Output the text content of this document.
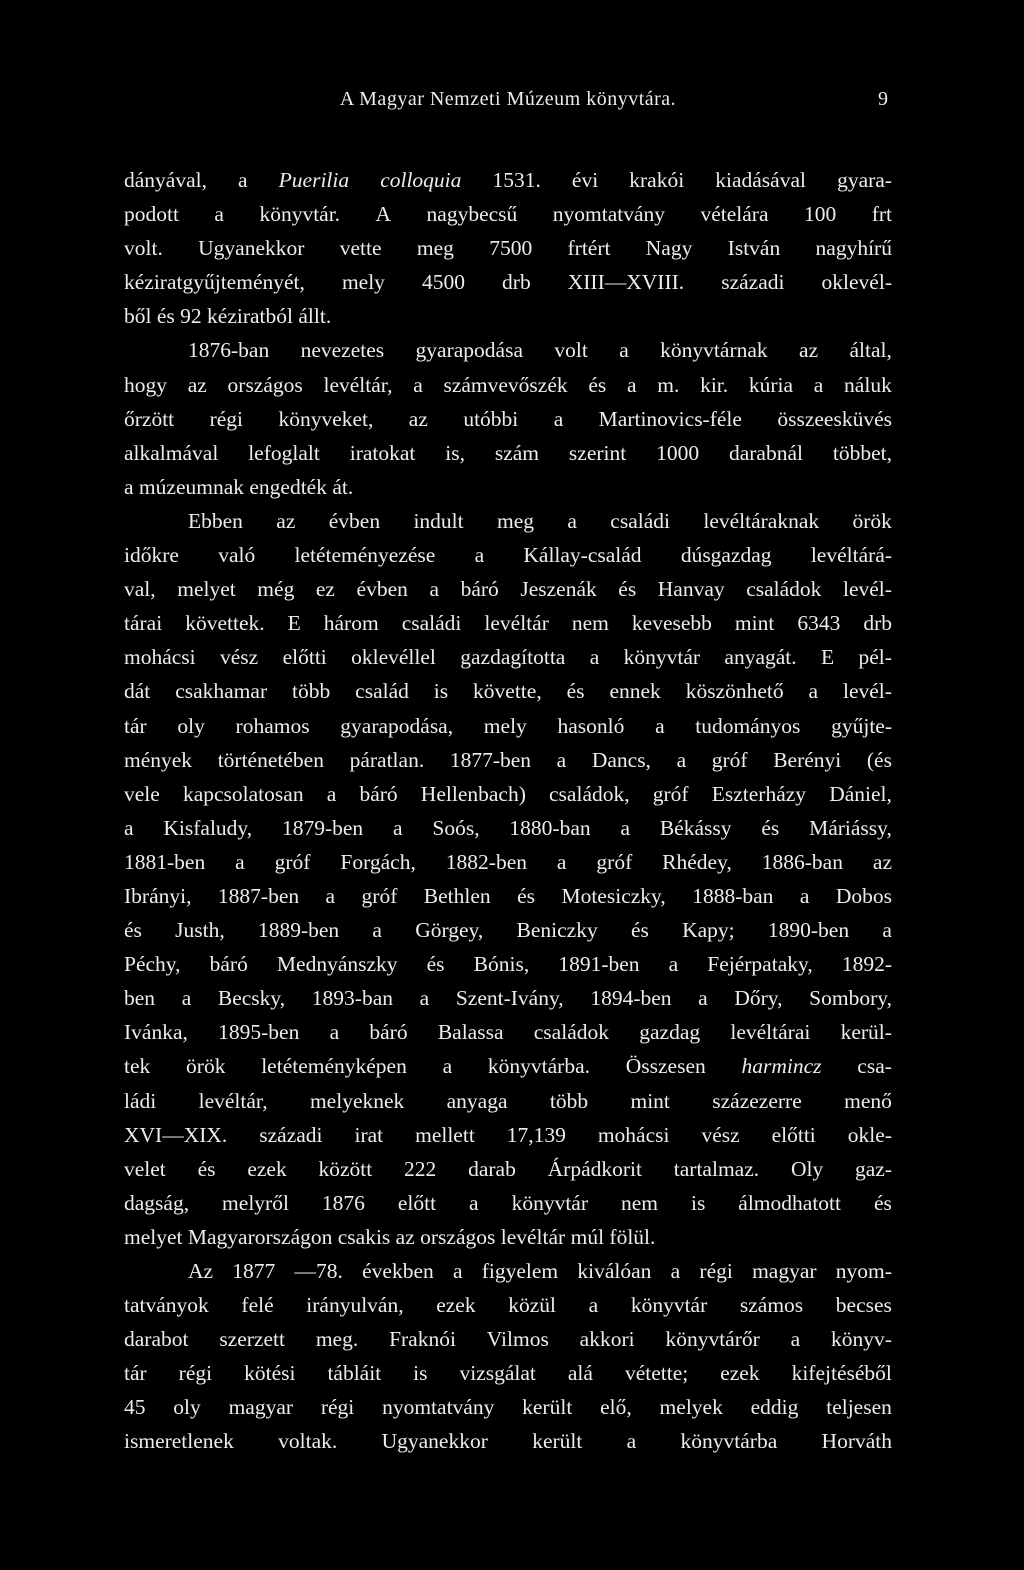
A Magyar Nemzeti Múzeum könyvtára.	9
dányával, a Puerilia colloquia 1531. évi krakói kiadásával gyara-
podott a könyvtár. A nagybecsű nyomtatvány vételára 100 frt
volt. Ugyanekkor vette meg 7500 frtért Nagy István nagyhírű
kéziratgyűjteményét, mely 4500 drb XIII—XVIII. századi oklevél-
ből
és
92
kéziratból
állt.
1876-ban nevezetes gyarapodása volt a könyvtárnak az által,
hogy az országos levéltár, a számvevőszék és a m. kir. kúria a náluk
őrzött régi könyveket, az utóbbi a Martinovics-féle összeesküvés
alkalmával lefoglalt iratokat is, szám szerint 1000 darabnál többet,
a
múzeumnak
engedték
át.
Ebben az évben indult meg a családi levéltáraknak örök
időkre való letéteményezése a Kállay-család dúsgazdag levéltárá-
val, melyet még ez évben a báró Jeszenák és Hanvay családok levél-
tárai követtek. E három családi levéltár nem kevesebb mint 6343 drb
mohácsi vész előtti oklevéllel gazdagította a könyvtár anyagát. E pél-
dát csakhamar több család is követte, és ennek köszönhető a levél-
tár oly rohamos gyarapodása, mely hasonló a tudományos gyűjte-
mények történetében páratlan. 1877-ben a Dancs, a gróf Berényi (és
vele kapcsolatosan a báró Hellenbach) családok, gróf Eszterházy Dániel,
a Kisfaludy, 1879-ben a Soós, 1880-ban a Békássy és Máriássy,
1881-ben a gróf Forgách, 1882-ben a gróf Rhédey, 1886-ban az
Ibrányi, 1887-ben a gróf Bethlen és Motesiczky, 1888-ban a Dobos
és Justh, 1889-ben a Görgey, Beniczky és Kapy; 1890-ben a
Péchy, báró Mednyánszky és Bónis, 1891-ben a Fejérpataky, 1892-
ben a Becsky, 1893-ban a Szent-Ivány, 1894-ben a Dőry, Sombory,
Ivánka, 1895-ben a báró Balassa családok gazdag levéltárai kerül-
tek örök letéteményképen a könyvtárba. Összesen harmincz csa-
ládi levéltár, melyeknek anyaga több mint százezerre menő
XVI—XIX. századi irat mellett 17,139 mohácsi vész előtti okle-
velet és ezek között 222 darab Árpádkorit tartalmaz. Oly gaz-
dagság, melyről 1876 előtt a könyvtár nem is álmodhatott és
melyet
Magyarországon
csakis
az
országos
levéltár
múl
fölül.
Az 1877 —78. években a figyelem kiválóan a régi magyar nyom-
tatványok felé irányulván, ezek közül a könyvtár számos becses
darabot szerzett meg. Fraknói Vilmos akkori könyvtárőr a könyv-
tár régi kötési tábláit is vizsgálat alá vétette; ezek kifejtéséből
45 oly magyar régi nyomtatvány került elő, melyek eddig teljesen
ismeretlenek voltak. Ugyanekkor került a könyvtárba Horváth
